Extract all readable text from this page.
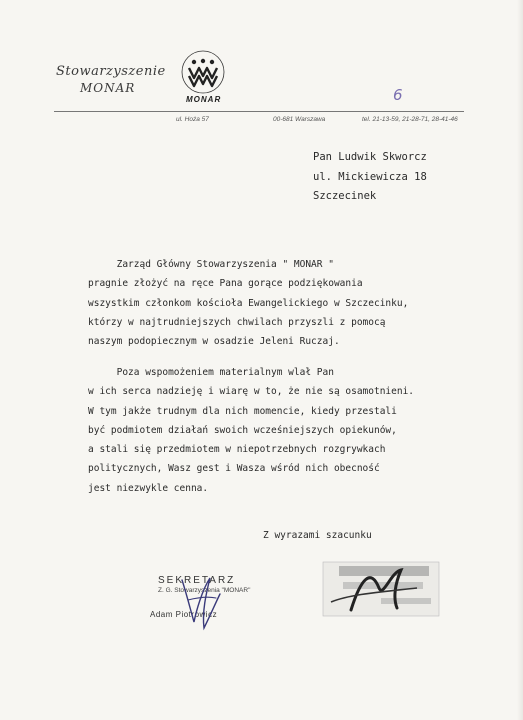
Stowarzyszenie
MONAR
MONAR	6
ul. Hoża 57	00-681 Warszawa	tel. 21-13-59, 21-28-71, 28-41-46
Pan Ludwik Skworcz
ul. Mickiewicza 18
Szczecinek
Zarząd Główny Stowarzyszenia " MONAR "
pragnie złożyć na ręce Pana gorące podziękowania
wszystkim członkom kościoła Ewangelickiego w Szczecinku,
którzy w najtrudniejszych chwilach przyszli z pomocą
naszym podopiecznym w osadzie Jeleni Ruczaj.
Poza wspomożeniem materialnym wlał Pan
w ich serca nadzieję i wiarę w to, że nie są osamotnieni.
W tym jakże trudnym dla nich momencie, kiedy przestali
być podmiotem działań swoich wcześniejszych opiekunów,
a stali się przedmiotem w niepotrzebnych rozgrywkach
politycznych, Wasz gest i Wasza wśród nich obecność
jest niezwykle cenna.
Z wyrazami szacunku
SEKRETARZ
Z. G. Stowarzyszenia "MONAR"
Adam Piotrowicz
